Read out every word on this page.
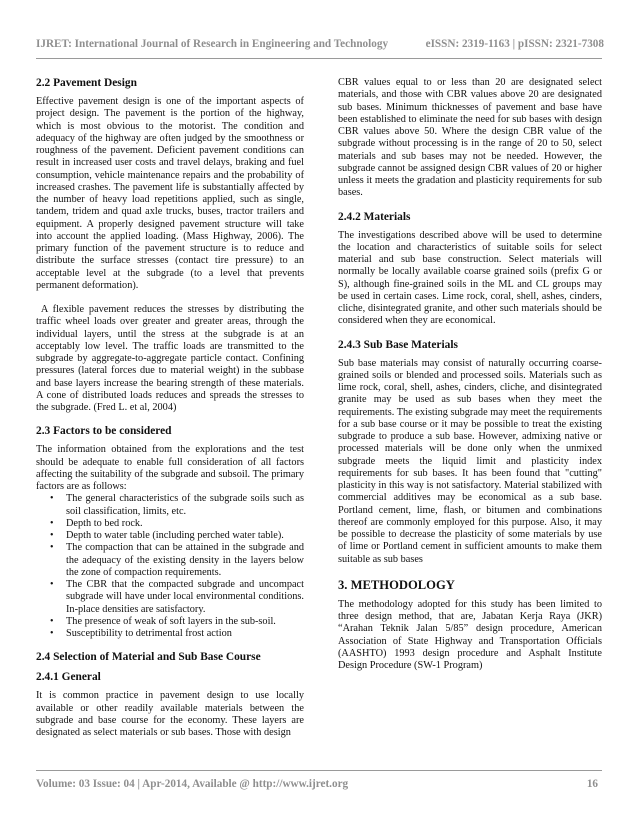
IJRET: International Journal of Research in Engineering and Technology	eISSN: 2319-1163 | pISSN: 2321-7308
2.2 Pavement Design

Effective pavement design is one of the important aspects of project design. The pavement is the portion of the highway, which is most obvious to the motorist. The condition and adequacy of the highway are often judged by the smoothness or roughness of the pavement. Deficient pavement conditions can result in increased user costs and travel delays, braking and fuel consumption, vehicle maintenance repairs and the probability of increased crashes. The pavement life is substantially affected by the number of heavy load repetitions applied, such as single, tandem, tridem and quad axle trucks, buses, tractor trailers and equipment. A properly designed pavement structure will take into account the applied loading. (Mass Highway, 2006). The primary function of the pavement structure is to reduce and distribute the surface stresses (contact tire pressure) to an acceptable level at the subgrade (to a level that prevents permanent deformation).

A flexible pavement reduces the stresses by distributing the traffic wheel loads over greater and greater areas, through the individual layers, until the stress at the subgrade is at an acceptably low level. The traffic loads are transmitted to the subgrade by aggregate-to-aggregate particle contact. Confining pressures (lateral forces due to material weight) in the subbase and base layers increase the bearing strength of these materials. A cone of distributed loads reduces and spreads the stresses to the subgrade. (Fred L. et al, 2004)

2.3 Factors to be considered

The information obtained from the explorations and the test should be adequate to enable full consideration of all factors affecting the suitability of the subgrade and subsoil. The primary factors are as follows:

• The general characteristics of the subgrade soils such as soil classification, limits, etc.
• Depth to bed rock.
• Depth to water table (including perched water table).
• The compaction that can be attained in the subgrade and the adequacy of the existing density in the layers below the zone of compaction requirements.
• The CBR that the compacted subgrade and uncompact subgrade will have under local environmental conditions. In-place densities are satisfactory.
• The presence of weak of soft layers in the sub-soil.
• Susceptibility to detrimental frost action
2.4 Selection of Material and Sub Base Course
2.4.1 General

It is common practice in pavement design to use locally available or other readily available materials between the subgrade and base course for the economy. These layers are designated as select materials or sub bases. Those with design

CBR values equal to or less than 20 are designated select materials, and those with CBR values above 20 are designated sub bases. Minimum thicknesses of pavement and base have been established to eliminate the need for sub bases with design CBR values above 50. Where the design CBR value of the subgrade without processing is in the range of 20 to 50, select materials and sub bases may not be needed. However, the subgrade cannot be assigned design CBR values of 20 or higher unless it meets the gradation and plasticity requirements for sub bases.

2.4.2 Materials

The investigations described above will be used to determine the location and characteristics of suitable soils for select material and sub base construction. Select materials will normally be locally available coarse grained soils (prefix G or S), although fine-grained soils in the ML and CL groups may be used in certain cases. Lime rock, coral, shell, ashes, cinders, cliche, disintegrated granite, and other such materials should be considered when they are economical.

2.4.3 Sub Base Materials

Sub base materials may consist of naturally occurring coarse-grained soils or blended and processed soils. Materials such as lime rock, coral, shell, ashes, cinders, cliche, and disintegrated granite may be used as sub bases when they meet the requirements. The existing subgrade may meet the requirements for a sub base course or it may be possible to treat the existing subgrade to produce a sub base. However, admixing native or processed materials will be done only when the unmixed subgrade meets the liquid limit and plasticity index requirements for sub bases. It has been found that "cutting" plasticity in this way is not satisfactory. Material stabilized with commercial additives may be economical as a sub base. Portland cement, lime, flash, or bitumen and combinations thereof are commonly employed for this purpose. Also, it may be possible to decrease the plasticity of some materials by use of lime or Portland cement in sufficient amounts to make them suitable as sub bases

3. METHODOLOGY

The methodology adopted for this study has been limited to three design method, that are, Jabatan Kerja Raya (JKR) “Arahan Teknik Jalan 5/85” design procedure, American Association of State Highway and Transportation Officials (AASHTO) 1993 design procedure and Asphalt Institute Design Procedure (SW-1 Program)

Volume: 03 Issue: 04 | Apr-2014, Available @ http://www.ijret.org	16
